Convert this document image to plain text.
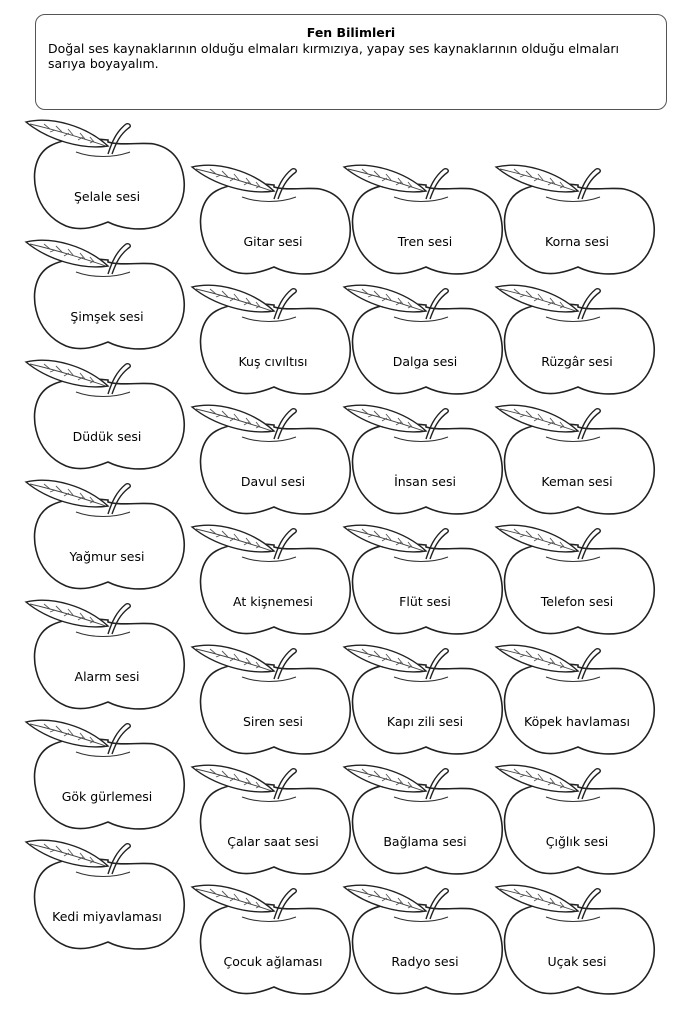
Fen Bilimleri
Doğal ses kaynaklarının olduğu elmaları kırmızıya, yapay ses kaynaklarının olduğu elmaları sarıya boyayalım.
Şelale sesi
Şimşek sesi
Düdük sesi
Yağmur sesi
Alarm sesi
Gök gürlemesi
Kedi miyavlaması
Gitar sesi
Kuş cıvıltısı
Davul sesi
At kişnemesi
Siren sesi
Çalar saat sesi
Çocuk ağlaması
Tren sesi
Dalga sesi
İnsan sesi
Flüt sesi
Kapı zili sesi
Bağlama sesi
Radyo sesi
Korna sesi
Rüzgâr sesi
Keman sesi
Telefon sesi
Köpek havlaması
Çığlık sesi
Uçak sesi
